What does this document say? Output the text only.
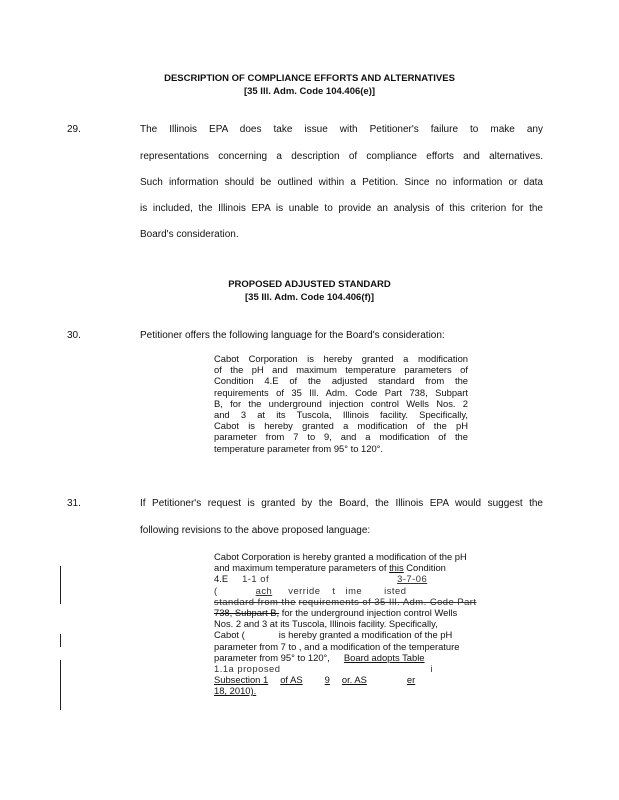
DESCRIPTION OF COMPLIANCE EFFORTS AND ALTERNATIVES
[35 Ill. Adm. Code 104.406(e)]
29.	The Illinois EPA does take issue with Petitioner's failure to make any
representations concerning a description of compliance efforts and alternatives.
Such information should be outlined within a Petition. Since no information or data
is included, the Illinois EPA is unable to provide an analysis of this criterion for the
Board's consideration.
PROPOSED ADJUSTED STANDARD
[35 Ill. Adm. Code 104.406(f)]
30.	Petitioner offers the following language for the Board's consideration:
Cabot Corporation is hereby granted a modification
of the pH and maximum temperature parameters of
Condition 4.E of the adjusted standard from the
requirements of 35 Ill. Adm. Code Part 738, Subpart
B, for the underground injection control Wells Nos. 2
and 3 at its Tuscola, Illinois facility. Specifically,
Cabot is hereby granted a modification of the pH
parameter from 7 to 9, and a modification of the
temperature parameter from 95° to 120°.
31.	If Petitioner's request is granted by the Board, the Illinois EPA would suggest the
following revisions to the above proposed language:
Cabot Corporation is hereby granted a modification of the pH
and maximum temperature parameters of this Condition
4.E 1-1 of	3-7-06
(	ach verride t ime isted
standard from the requirements of 35 Ill. Adm. Code Part
738, Subpart B, for the underground injection control Wells
Nos. 2 and 3 at its Tuscola, Illinois facility. Specifically,
Cabot (	is hereby granted a modification of the pH
parameter from 7 to , and a modification of the temperature
parameter from 95° to 120°, Board adopts Table
1.1a proposed	i
Subsection 1 of AS 9 or. AS	er
18, 2010).
